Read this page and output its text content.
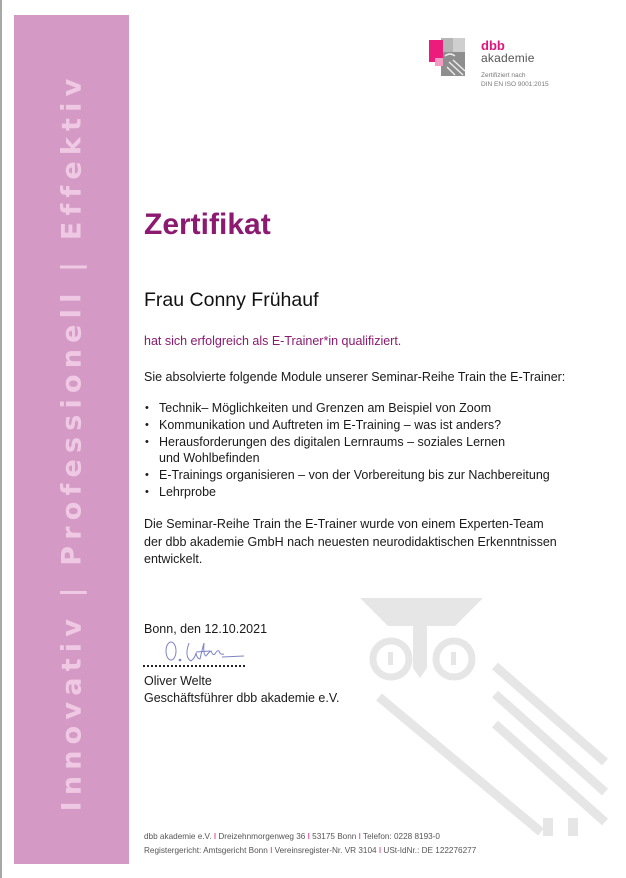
Innovativ | Professionell | Effektiv
dbb
akademie
Zertifiziert nach
DIN EN ISO 9001:2015
Zertifikat
Frau Conny Frühauf
hat sich erfolgreich als E-Trainer*in qualifiziert.
Sie absolvierte folgende Module unserer Seminar-Reihe Train the E-Trainer:
• Technik– Möglichkeiten und Grenzen am Beispiel von Zoom
• Kommunikation und Auftreten im E-Training – was ist anders?
• Herausforderungen des digitalen Lernraums – soziales Lernen
und Wohlbefinden
• E-Trainings organisieren – von der Vorbereitung bis zur Nachbereitung
• Lehrprobe
Die Seminar-Reihe Train the E-Trainer wurde von einem Experten-Team
der dbb akademie GmbH nach neuesten neurodidaktischen Erkenntnissen
entwickelt.
Bonn, den 12.10.2021
Oliver Welte
Geschäftsführer dbb akademie e.V.
dbb akademie e.V. I Dreizehnmorgenweg 36 I 53175 Bonn I Telefon: 0228 8193-0
Registergericht: Amtsgericht Bonn I Vereinsregister-Nr. VR 3104 I USt-IdNr.: DE 122276277
